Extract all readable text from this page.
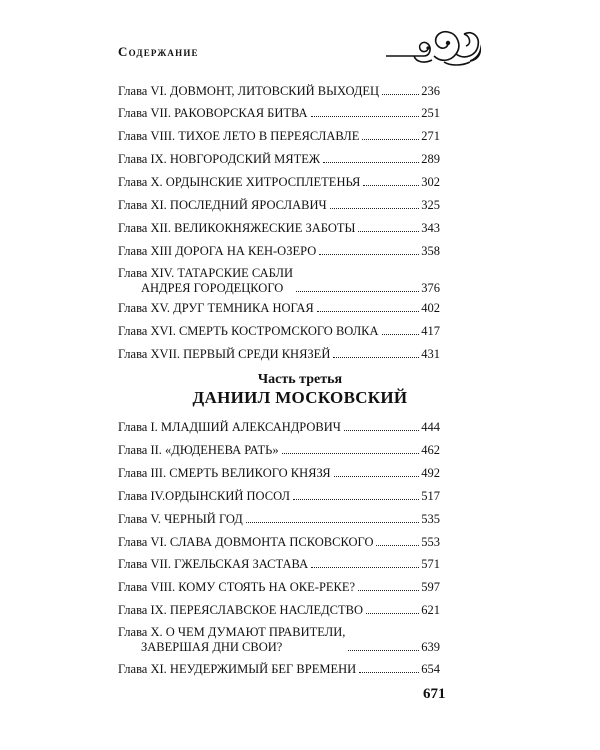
Содержание
Глава VI. ДОВМОНТ, ЛИТОВСКИЙ ВЫХОДЕЦ	236
Глава VII. РАКОВОРСКАЯ БИТВА	251
Глава VIII. ТИХОЕ ЛЕТО В ПЕРЕЯСЛАВЛЕ	271
Глава IX. НОВГОРОДСКИЙ МЯТЕЖ	289
Глава X. ОРДЫНСКИЕ ХИТРОСПЛЕТЕНЬЯ	302
Глава XI. ПОСЛЕДНИЙ ЯРОСЛАВИЧ	325
Глава XII. ВЕЛИКОКНЯЖЕСКИЕ ЗАБОТЫ	343
Глава XIII ДОРОГА НА КЕН-ОЗЕРО	358
Глава XIV. ТАТАРСКИЕ САБЛИ
АНДРЕЯ ГОРОДЕЦКОГО	376
Глава XV. ДРУГ ТЕМНИКА НОГАЯ	402
Глава XVI. СМЕРТЬ КОСТРОМСКОГО ВОЛКА	417
Глава XVII. ПЕРВЫЙ СРЕДИ КНЯЗЕЙ	431
Часть третья
ДАНИИЛ МОСКОВСКИЙ
Глава I. МЛАДШИЙ АЛЕКСАНДРОВИЧ	444
Глава II. «ДЮДЕНЕВА РАТЬ»	462
Глава III. СМЕРТЬ ВЕЛИКОГО КНЯЗЯ	492
Глава IV.ОРДЫНСКИЙ ПОСОЛ	517
Глава V. ЧЕРНЫЙ ГОД	535
Глава VI. СЛАВА ДОВМОНТА ПСКОВСКОГО	553
Глава VII. ГЖЕЛЬСКАЯ ЗАСТАВА	571
Глава VIII. КОМУ СТОЯТЬ НА ОКЕ-РЕКЕ?	597
Глава IX. ПЕРЕЯСЛАВСКОЕ НАСЛЕДСТВО	621
Глава X. О ЧЕМ ДУМАЮТ ПРАВИТЕЛИ,
ЗАВЕРШАЯ ДНИ СВОИ?	639
Глава XI. НЕУДЕРЖИМЫЙ БЕГ ВРЕМЕНИ	654
671
